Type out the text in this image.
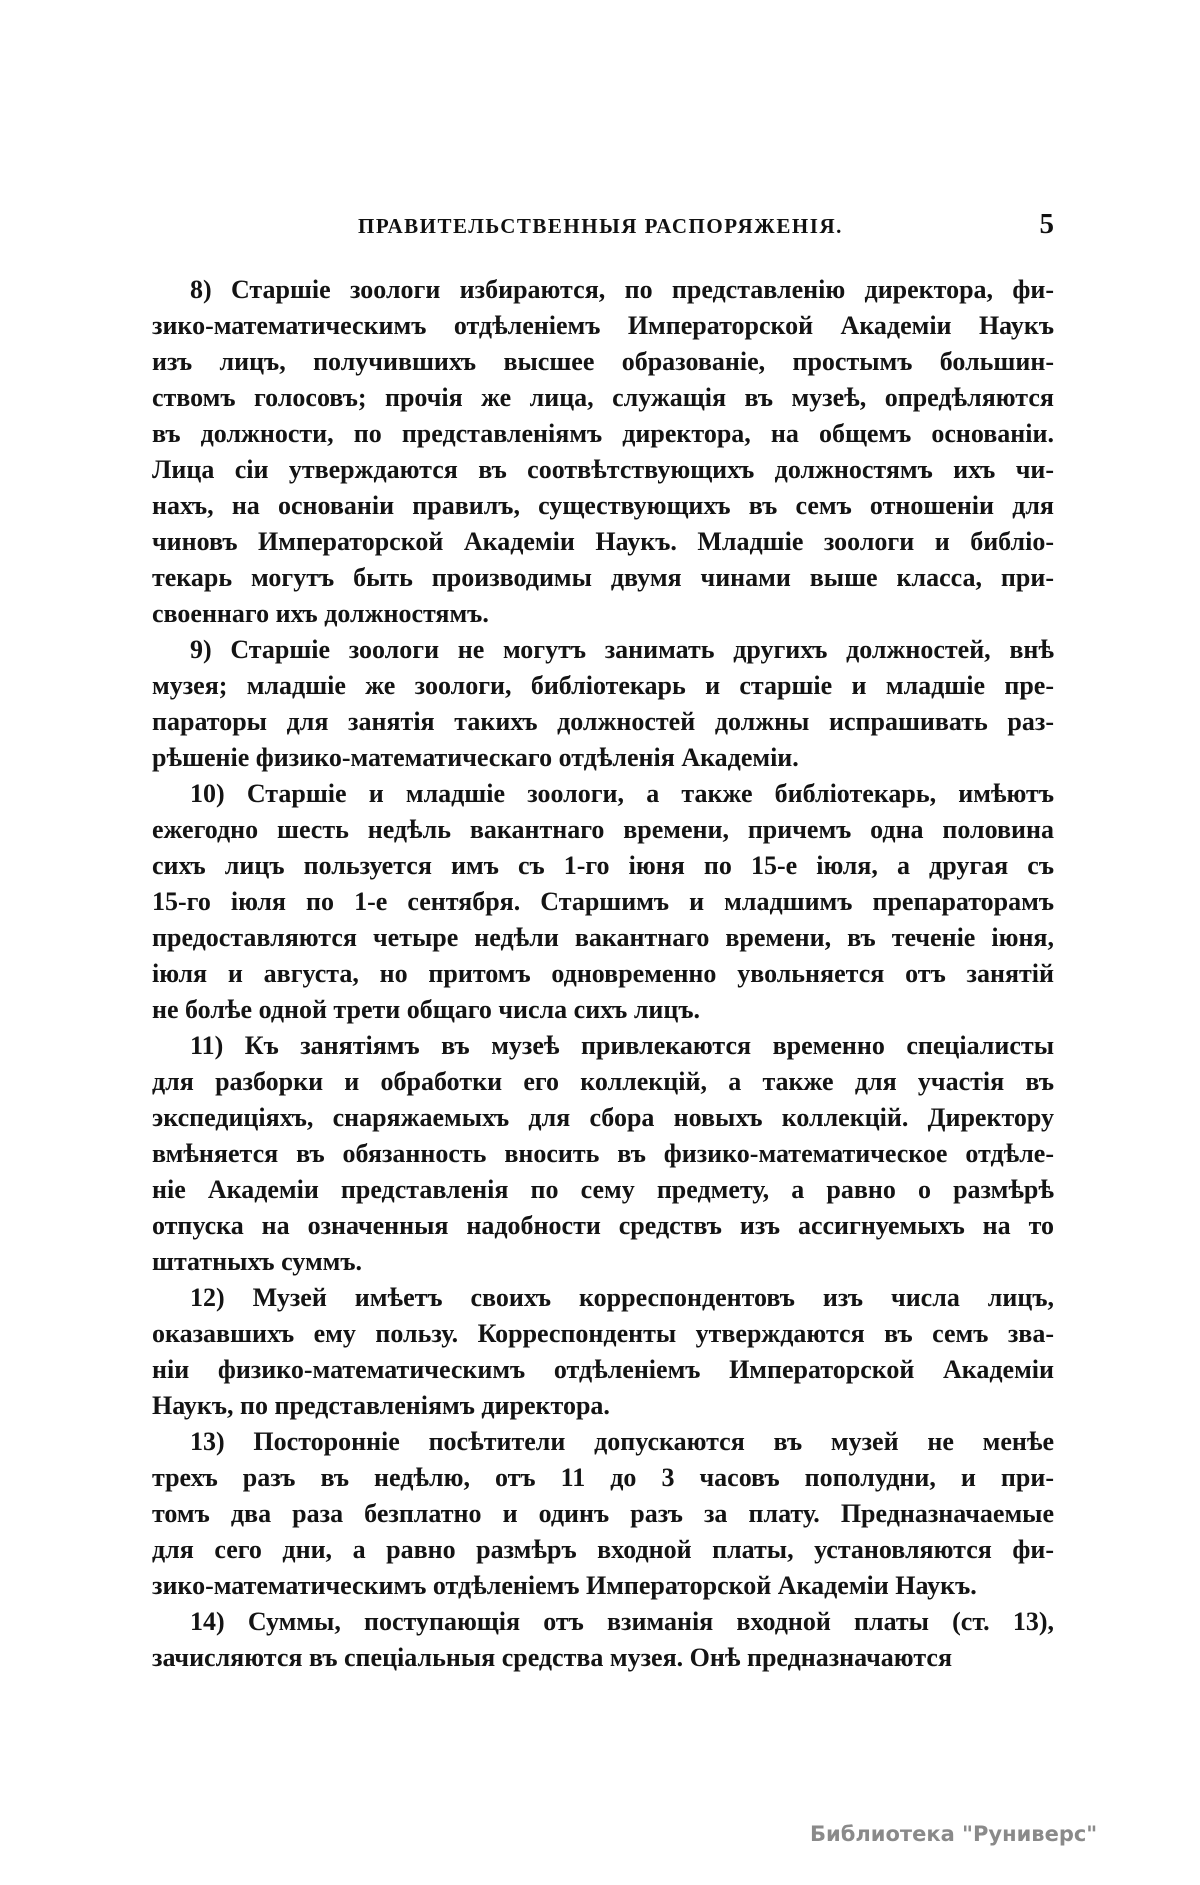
ПРАВИТЕЛЬСТВЕННЫЯ РАСПОРЯЖЕНІЯ.	5
8) Старшіе зоологи избираются, по представленію директора, фи-
зико-математическимъ отдѣленіемъ Императорской Академіи Наукъ
изъ лицъ, получившихъ высшее образованіе, простымъ большин-
ствомъ голосовъ; прочія же лица, служащія въ музеѣ, опредѣляются
въ должности, по представленіямъ директора, на общемъ основаніи.
Лица сіи утверждаются въ соотвѣтствующихъ должностямъ ихъ чи-
нахъ, на основаніи правилъ, существующихъ въ семъ отношеніи для
чиновъ Императорской Академіи Наукъ. Младшіе зоологи и библіо-
текарь могутъ быть производимы двумя чинами выше класса, при-
своеннаго ихъ должностямъ.
9) Старшіе зоологи не могутъ занимать другихъ должностей, внѣ
музея; младшіе же зоологи, библіотекарь и старшіе и младшіе пре-
параторы для занятія такихъ должностей должны испрашивать раз-
рѣшеніе физико-математическаго отдѣленія Академіи.
10) Старшіе и младшіе зоологи, а также библіотекарь, имѣютъ
ежегодно шесть недѣль вакантнаго времени, причемъ одна половина
сихъ лицъ пользуется имъ съ 1-го іюня по 15-е іюля, а другая съ
15-го іюля по 1-е сентября. Старшимъ и младшимъ препараторамъ
предоставляются четыре недѣли вакантнаго времени, въ теченіе іюня,
іюля и августа, но притомъ одновременно увольняется отъ занятій
не болѣе одной трети общаго числа сихъ лицъ.
11) Къ занятіямъ въ музеѣ привлекаются временно спеціалисты
для разборки и обработки его коллекцій, а также для участія въ
экспедиціяхъ, снаряжаемыхъ для сбора новыхъ коллекцій. Директору
вмѣняется въ обязанность вносить въ физико-математическое отдѣле-
ніе Академіи представленія по сему предмету, а равно о размѣрѣ
отпуска на означенныя надобности средствъ изъ ассигнуемыхъ на то
штатныхъ суммъ.
12) Музей имѣетъ своихъ корреспондентовъ изъ числа лицъ,
оказавшихъ ему пользу. Корреспонденты утверждаются въ семъ зва-
ніи физико-математическимъ отдѣленіемъ Императорской Академіи
Наукъ, по представленіямъ директора.
13) Посторонніе посѣтители допускаются въ музей не менѣе
трехъ разъ въ недѣлю, отъ 11 до 3 часовъ пополудни, и при-
томъ два раза безплатно и одинъ разъ за плату. Предназначаемые
для сего дни, а равно размѣръ входной платы, установляются фи-
зико-математическимъ отдѣленіемъ Императорской Академіи Наукъ.
14) Суммы, поступающія отъ взиманія входной платы (ст. 13),
зачисляются въ спеціальныя средства музея. Онѣ предназначаются
Библиотека "Руниверс"
